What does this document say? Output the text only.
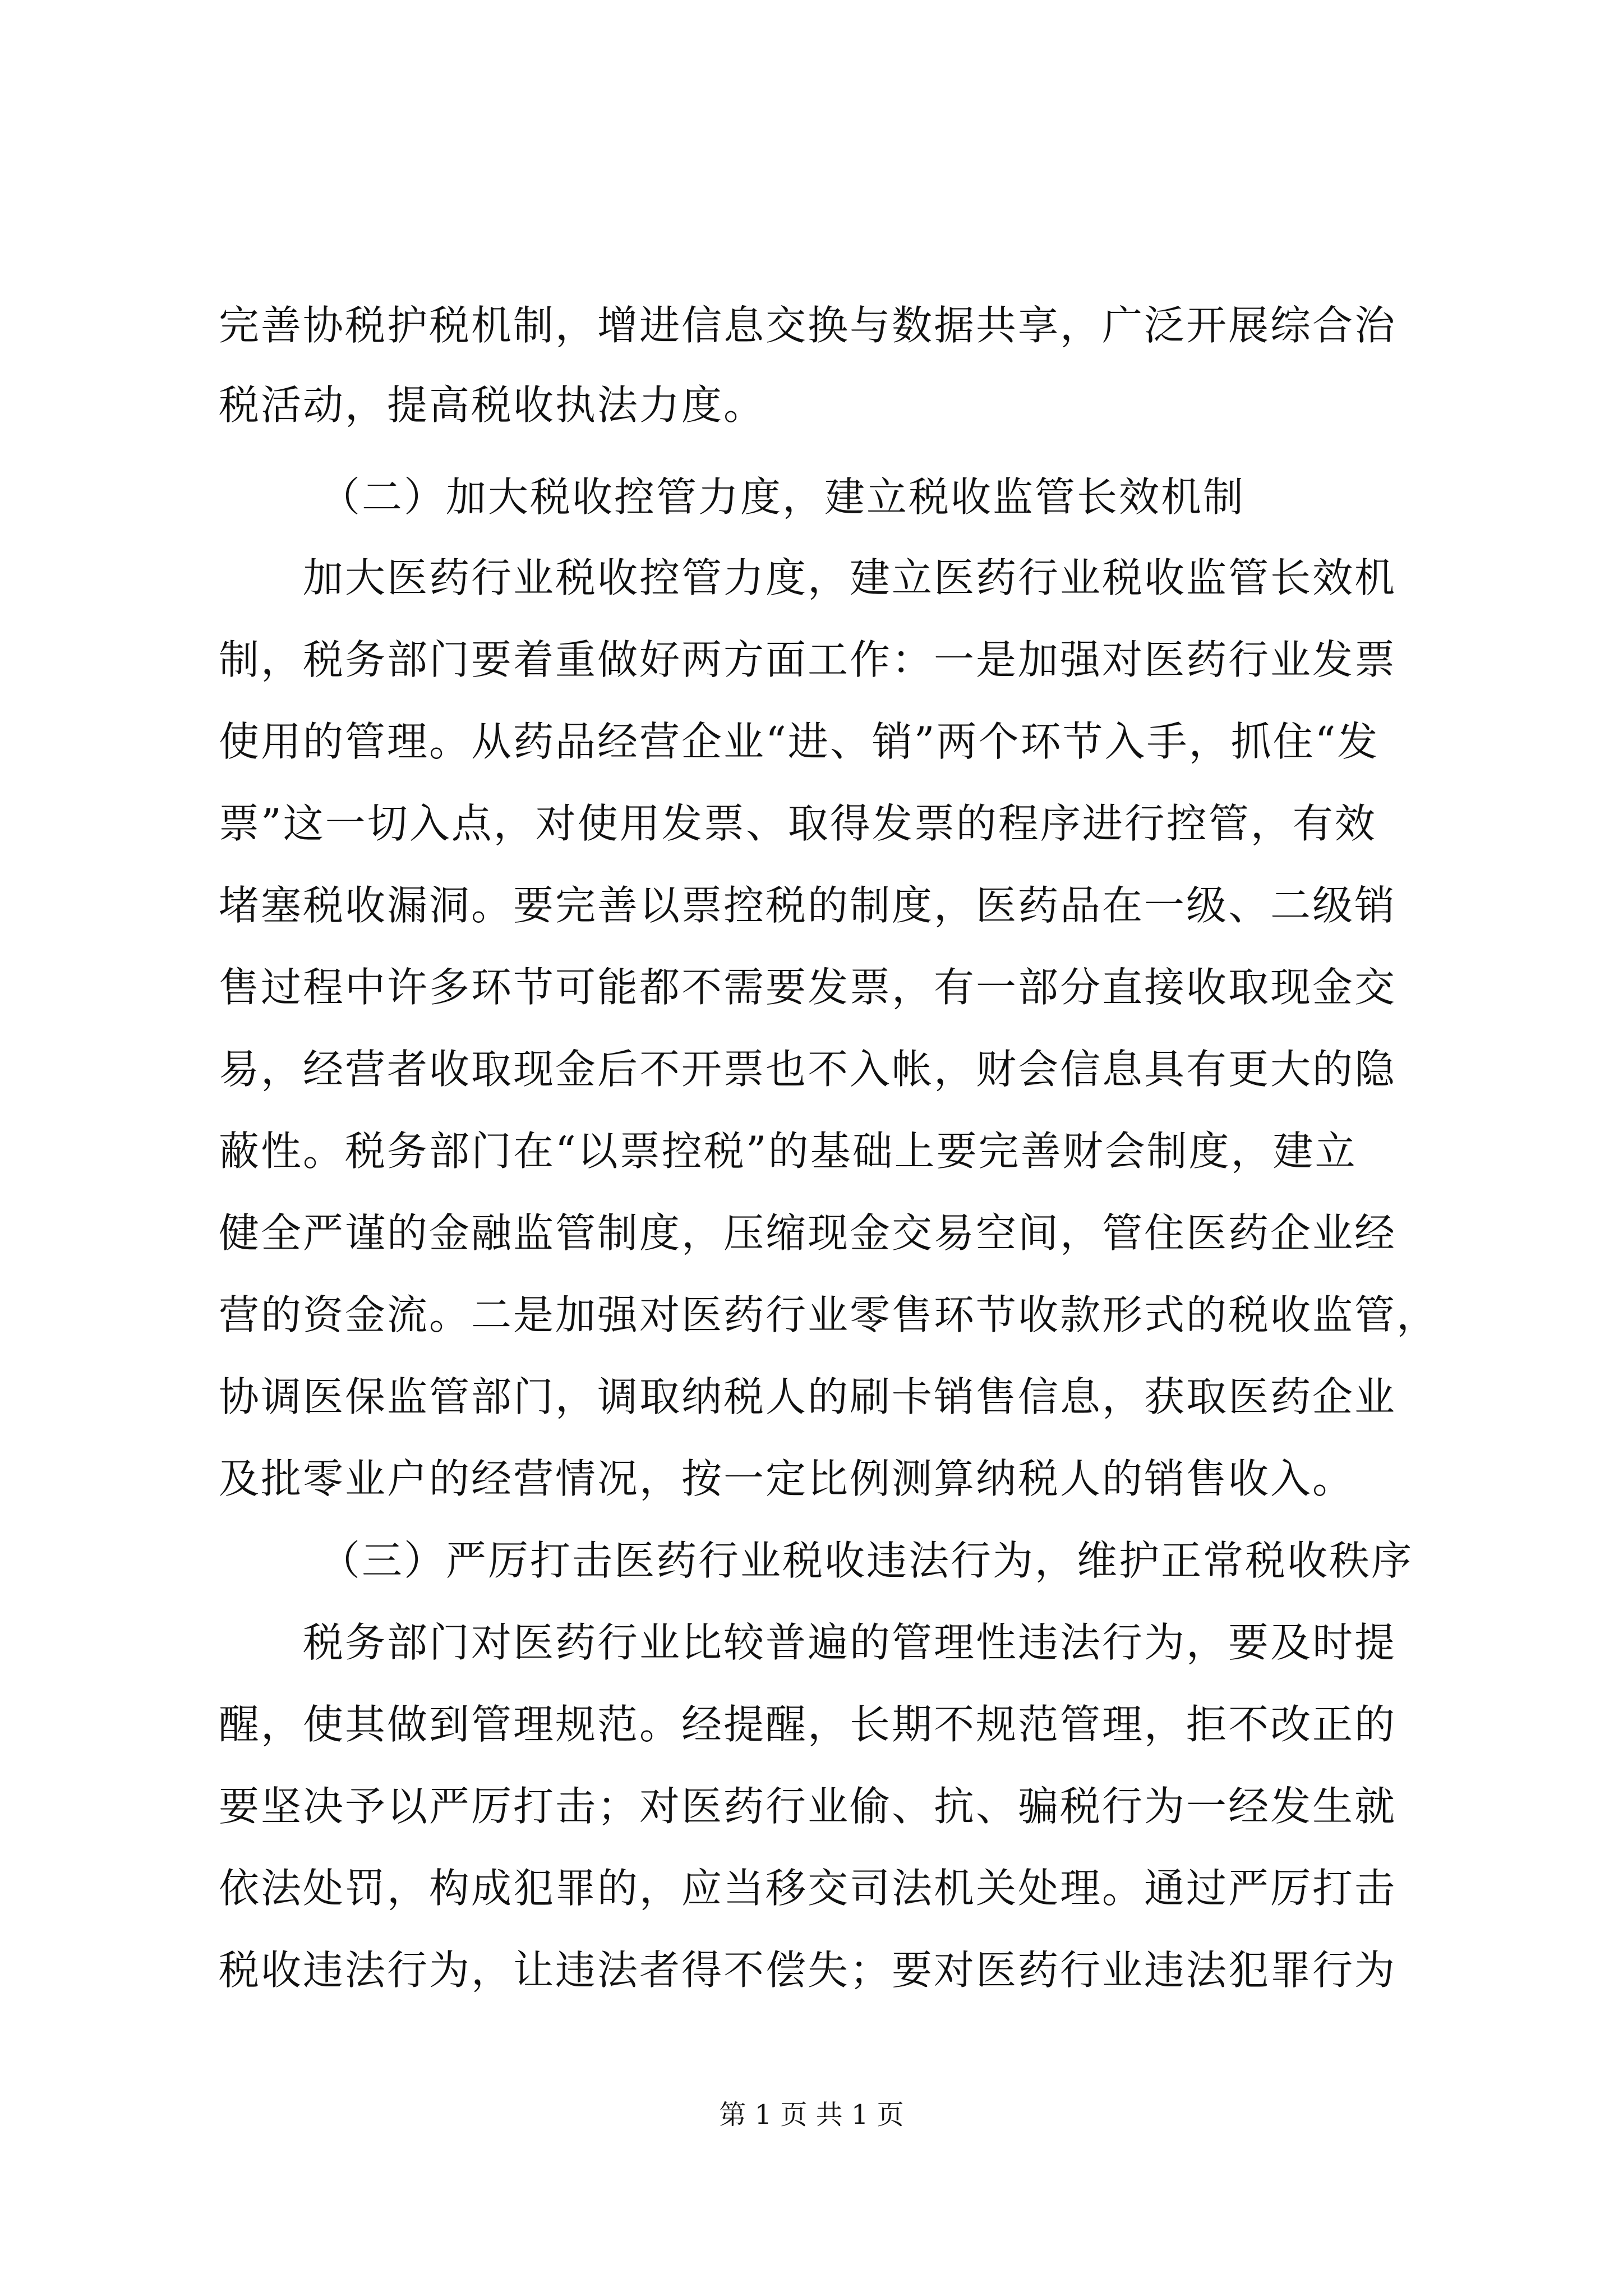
完善协税护税机制，增进信息交换与数据共享，广泛开展综合治
税活动，提高税收执法力度。
（二）加大税收控管力度，建立税收监管长效机制
加大医药行业税收控管力度，建立医药行业税收监管长效机
制，税务部门要着重做好两方面工作：一是加强对医药行业发票
使用的管理。从药品经营企业“进、销”两个环节入手，抓住“发
票”这一切入点，对使用发票、取得发票的程序进行控管，有效
堵塞税收漏洞。要完善以票控税的制度，医药品在一级、二级销
售过程中许多环节可能都不需要发票，有一部分直接收取现金交
易，经营者收取现金后不开票也不入帐，财会信息具有更大的隐
蔽性。税务部门在“以票控税”的基础上要完善财会制度，建立
健全严谨的金融监管制度，压缩现金交易空间，管住医药企业经
营的资金流。二是加强对医药行业零售环节收款形式的税收监管，
协调医保监管部门，调取纳税人的刷卡销售信息，获取医药企业
及批零业户的经营情况，按一定比例测算纳税人的销售收入。
（三）严厉打击医药行业税收违法行为，维护正常税收秩序
税务部门对医药行业比较普遍的管理性违法行为，要及时提
醒，使其做到管理规范。经提醒，长期不规范管理，拒不改正的
要坚决予以严厉打击；对医药行业偷、抗、骗税行为一经发生就
依法处罚，构成犯罪的，应当移交司法机关处理。通过严厉打击
税收违法行为，让违法者得不偿失；要对医药行业违法犯罪行为
第 1 页 共 1 页
